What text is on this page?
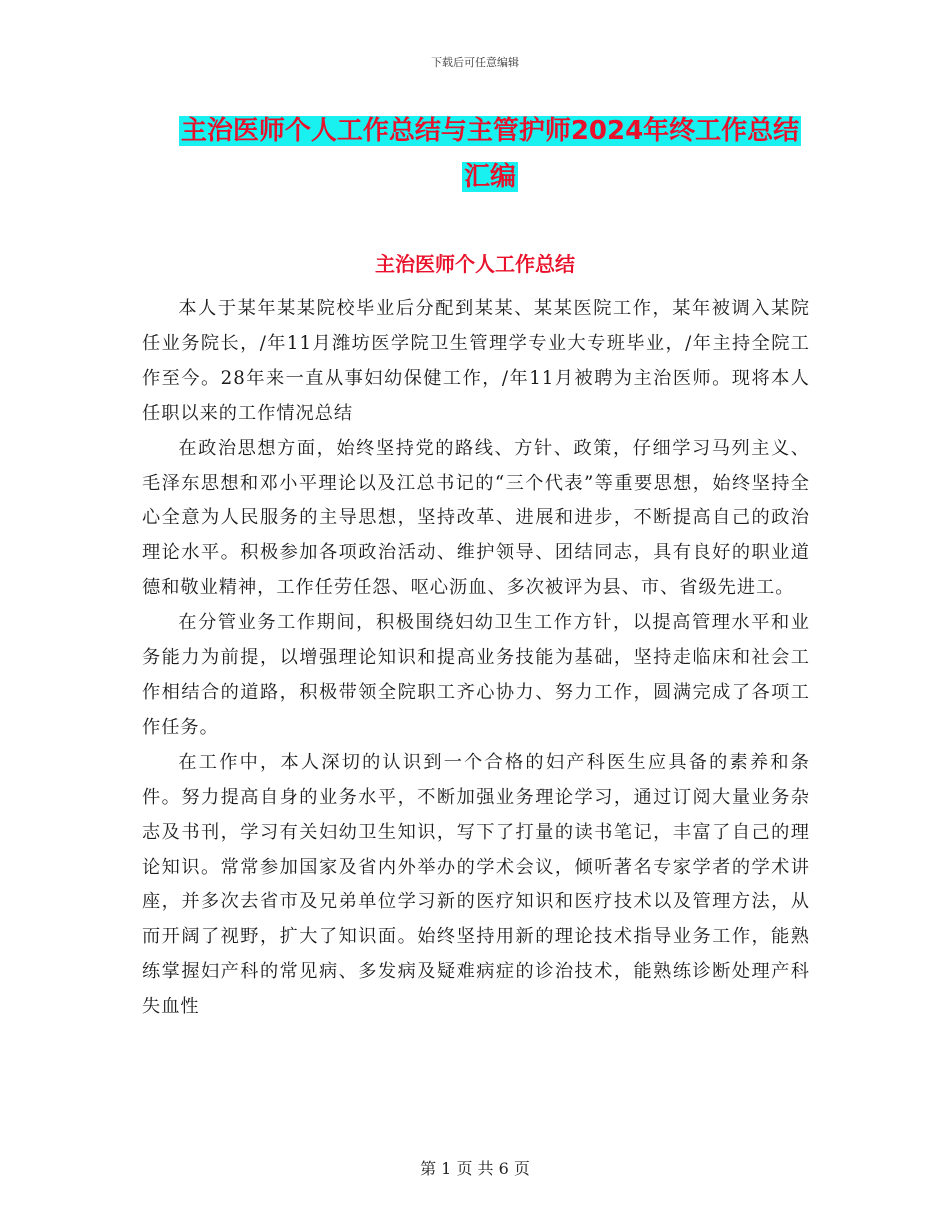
下载后可任意编辑
主治医师个人工作总结与主管护师2024年终工作总结
汇编
主治医师个人工作总结

本人于某年某某院校毕业后分配到某某、某某医院工作，某年被调入某院任业务院长，/年11月潍坊医学院卫生管理学专业大专班毕业，/年主持全院工作至今。28年来一直从事妇幼保健工作，/年11月被聘为主治医师。现将本人任职以来的工作情况总结

在政治思想方面，始终坚持党的路线、方针、政策，仔细学习马列主义、毛泽东思想和邓小平理论以及江总书记的“三个代表”等重要思想，始终坚持全心全意为人民服务的主导思想，坚持改革、进展和进步，不断提高自己的政治理论水平。积极参加各项政治活动、维护领导、团结同志，具有良好的职业道德和敬业精神，工作任劳任怨、呕心沥血、多次被评为县、市、省级先进工。

在分管业务工作期间，积极围绕妇幼卫生工作方针，以提高管理水平和业务能力为前提，以增强理论知识和提高业务技能为基础，坚持走临床和社会工作相结合的道路，积极带领全院职工齐心协力、努力工作，圆满完成了各项工作任务。

在工作中，本人深切的认识到一个合格的妇产科医生应具备的素养和条件。努力提高自身的业务水平，不断加强业务理论学习，通过订阅大量业务杂志及书刊，学习有关妇幼卫生知识，写下了打量的读书笔记，丰富了自己的理论知识。常常参加国家及省内外举办的学术会议，倾听著名专家学者的学术讲座，并多次去省市及兄弟单位学习新的医疗知识和医疗技术以及管理方法，从而开阔了视野，扩大了知识面。始终坚持用新的理论技术指导业务工作，能熟练掌握妇产科的常见病、多发病及疑难病症的诊治技术，能熟练诊断处理产科失血性

第 1 页 共 6 页
